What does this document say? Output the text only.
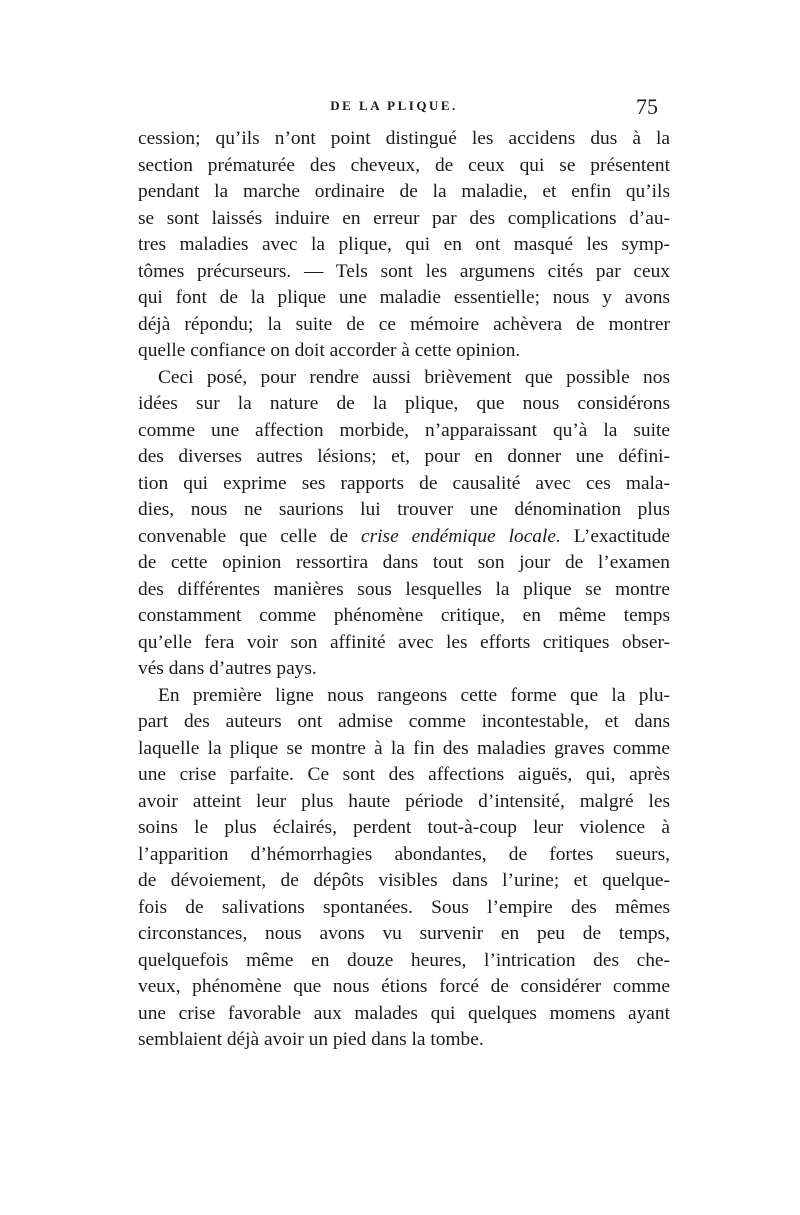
DE LA PLIQUE.	75
cession; qu’ils n’ont point distingué les accidens dus à la
section prématurée des cheveux, de ceux qui se présentent
pendant la marche ordinaire de la maladie, et enfin qu’ils
se sont laissés induire en erreur par des complications d’au-
tres maladies avec la plique, qui en ont masqué les symp-
tômes précurseurs. — Tels sont les argumens cités par ceux
qui font de la plique une maladie essentielle; nous y avons
déjà répondu; la suite de ce mémoire achèvera de montrer
quelle confiance on doit accorder à cette opinion.
Ceci posé, pour rendre aussi brièvement que possible nos
idées sur la nature de la plique, que nous considérons
comme une affection morbide, n’apparaissant qu’à la suite
des diverses autres lésions; et, pour en donner une défini-
tion qui exprime ses rapports de causalité avec ces mala-
dies, nous ne saurions lui trouver une dénomination plus
convenable que celle de crise endémique locale. L’exactitude
de cette opinion ressortira dans tout son jour de l’examen
des différentes manières sous lesquelles la plique se montre
constamment comme phénomène critique, en même temps
qu’elle fera voir son affinité avec les efforts critiques obser-
vés dans d’autres pays.
En première ligne nous rangeons cette forme que la plu-
part des auteurs ont admise comme incontestable, et dans
laquelle la plique se montre à la fin des maladies graves comme
une crise parfaite. Ce sont des affections aiguës, qui, après
avoir atteint leur plus haute période d’intensité, malgré les
soins le plus éclairés, perdent tout-à-coup leur violence à
l’apparition d’hémorrhagies abondantes, de fortes sueurs,
de dévoiement, de dépôts visibles dans l’urine; et quelque-
fois de salivations spontanées. Sous l’empire des mêmes
circonstances, nous avons vu survenir en peu de temps,
quelquefois même en douze heures, l’intrication des che-
veux, phénomène que nous étions forcé de considérer comme
une crise favorable aux malades qui quelques momens ayant
semblaient déjà avoir un pied dans la tombe.
